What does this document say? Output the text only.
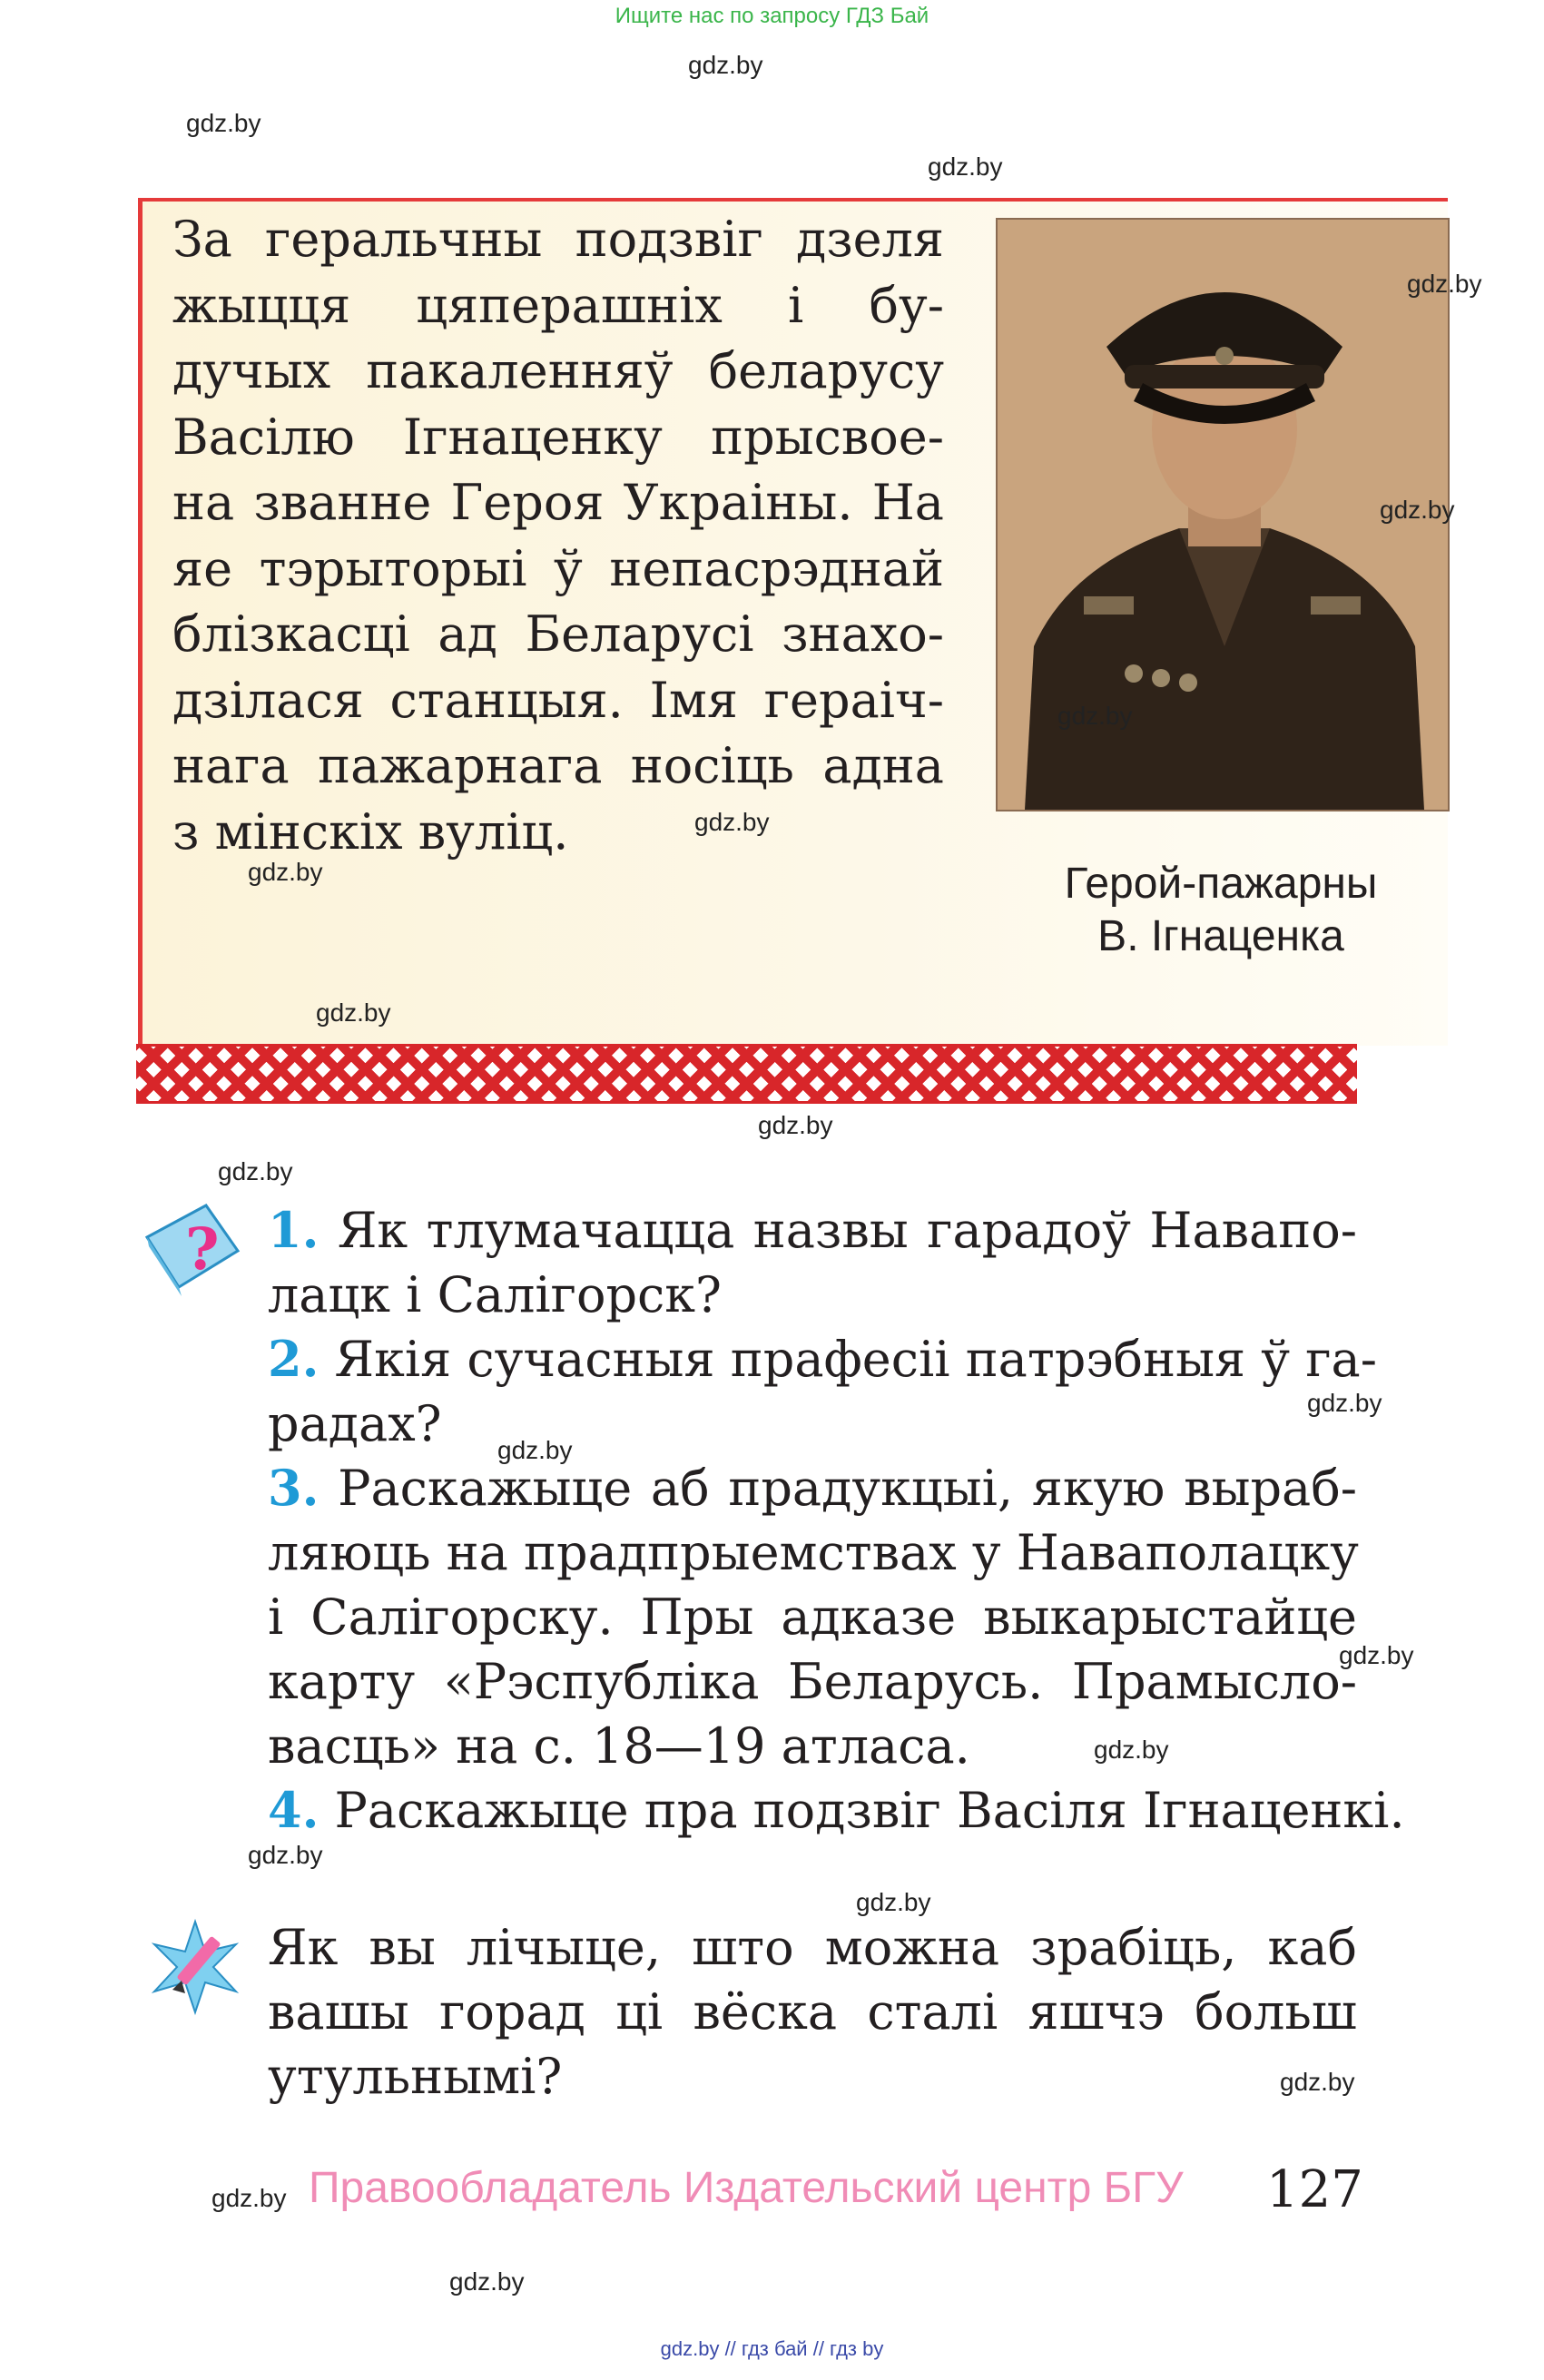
Ищите нас по запросу ГДЗ Бай
gdz.by
gdz.by
gdz.by
За геральчны подзвіг дзеля
жыцця цяперашніх і бу-
дучых пакаленняў беларусу
Васілю Ігнаценку прысвое-
на званне Героя Украіны. На
яе тэрыторыі ў непасрэднай
блізкасці ад Беларусі знахо-
дзілася станцыя. Імя гераіч-
нага пажарнага носіць адна
з мінскіх вуліц.
Герой-пажарны
В. Ігнаценка
gdz.by
gdz.by
gdz.by
gdz.by
gdz.by
gdz.by
gdz.by
gdz.by
? 1. Як тлумачацца назвы гарадоў Навапо-
лацк і Салігорск?
2. Якія сучасныя прафесіі патрэбныя ў га-
радах?
3. Раскажыце аб прадукцыі, якую выраб-
ляюць на прадпрыемствах у Наваполацку
і Салігорску. Пры адказе выкарыстайце
карту «Рэспубліка Беларусь. Прамысло-
васць» на с. 18—19 атласа.
4. Раскажыце пра подзвіг Васіля Ігнаценкі.
gdz.by
gdz.by
gdz.by
gdz.by
gdz.by
gdz.by
Як вы лічыце, што можна зрабіць, каб
вашы горад ці вёска сталі яшчэ больш
утульнымі?	gdz.by
gdz.by Правообладатель Издательский центр БГУ 127
gdz.by
gdz.by // гдз бай // гдз by
